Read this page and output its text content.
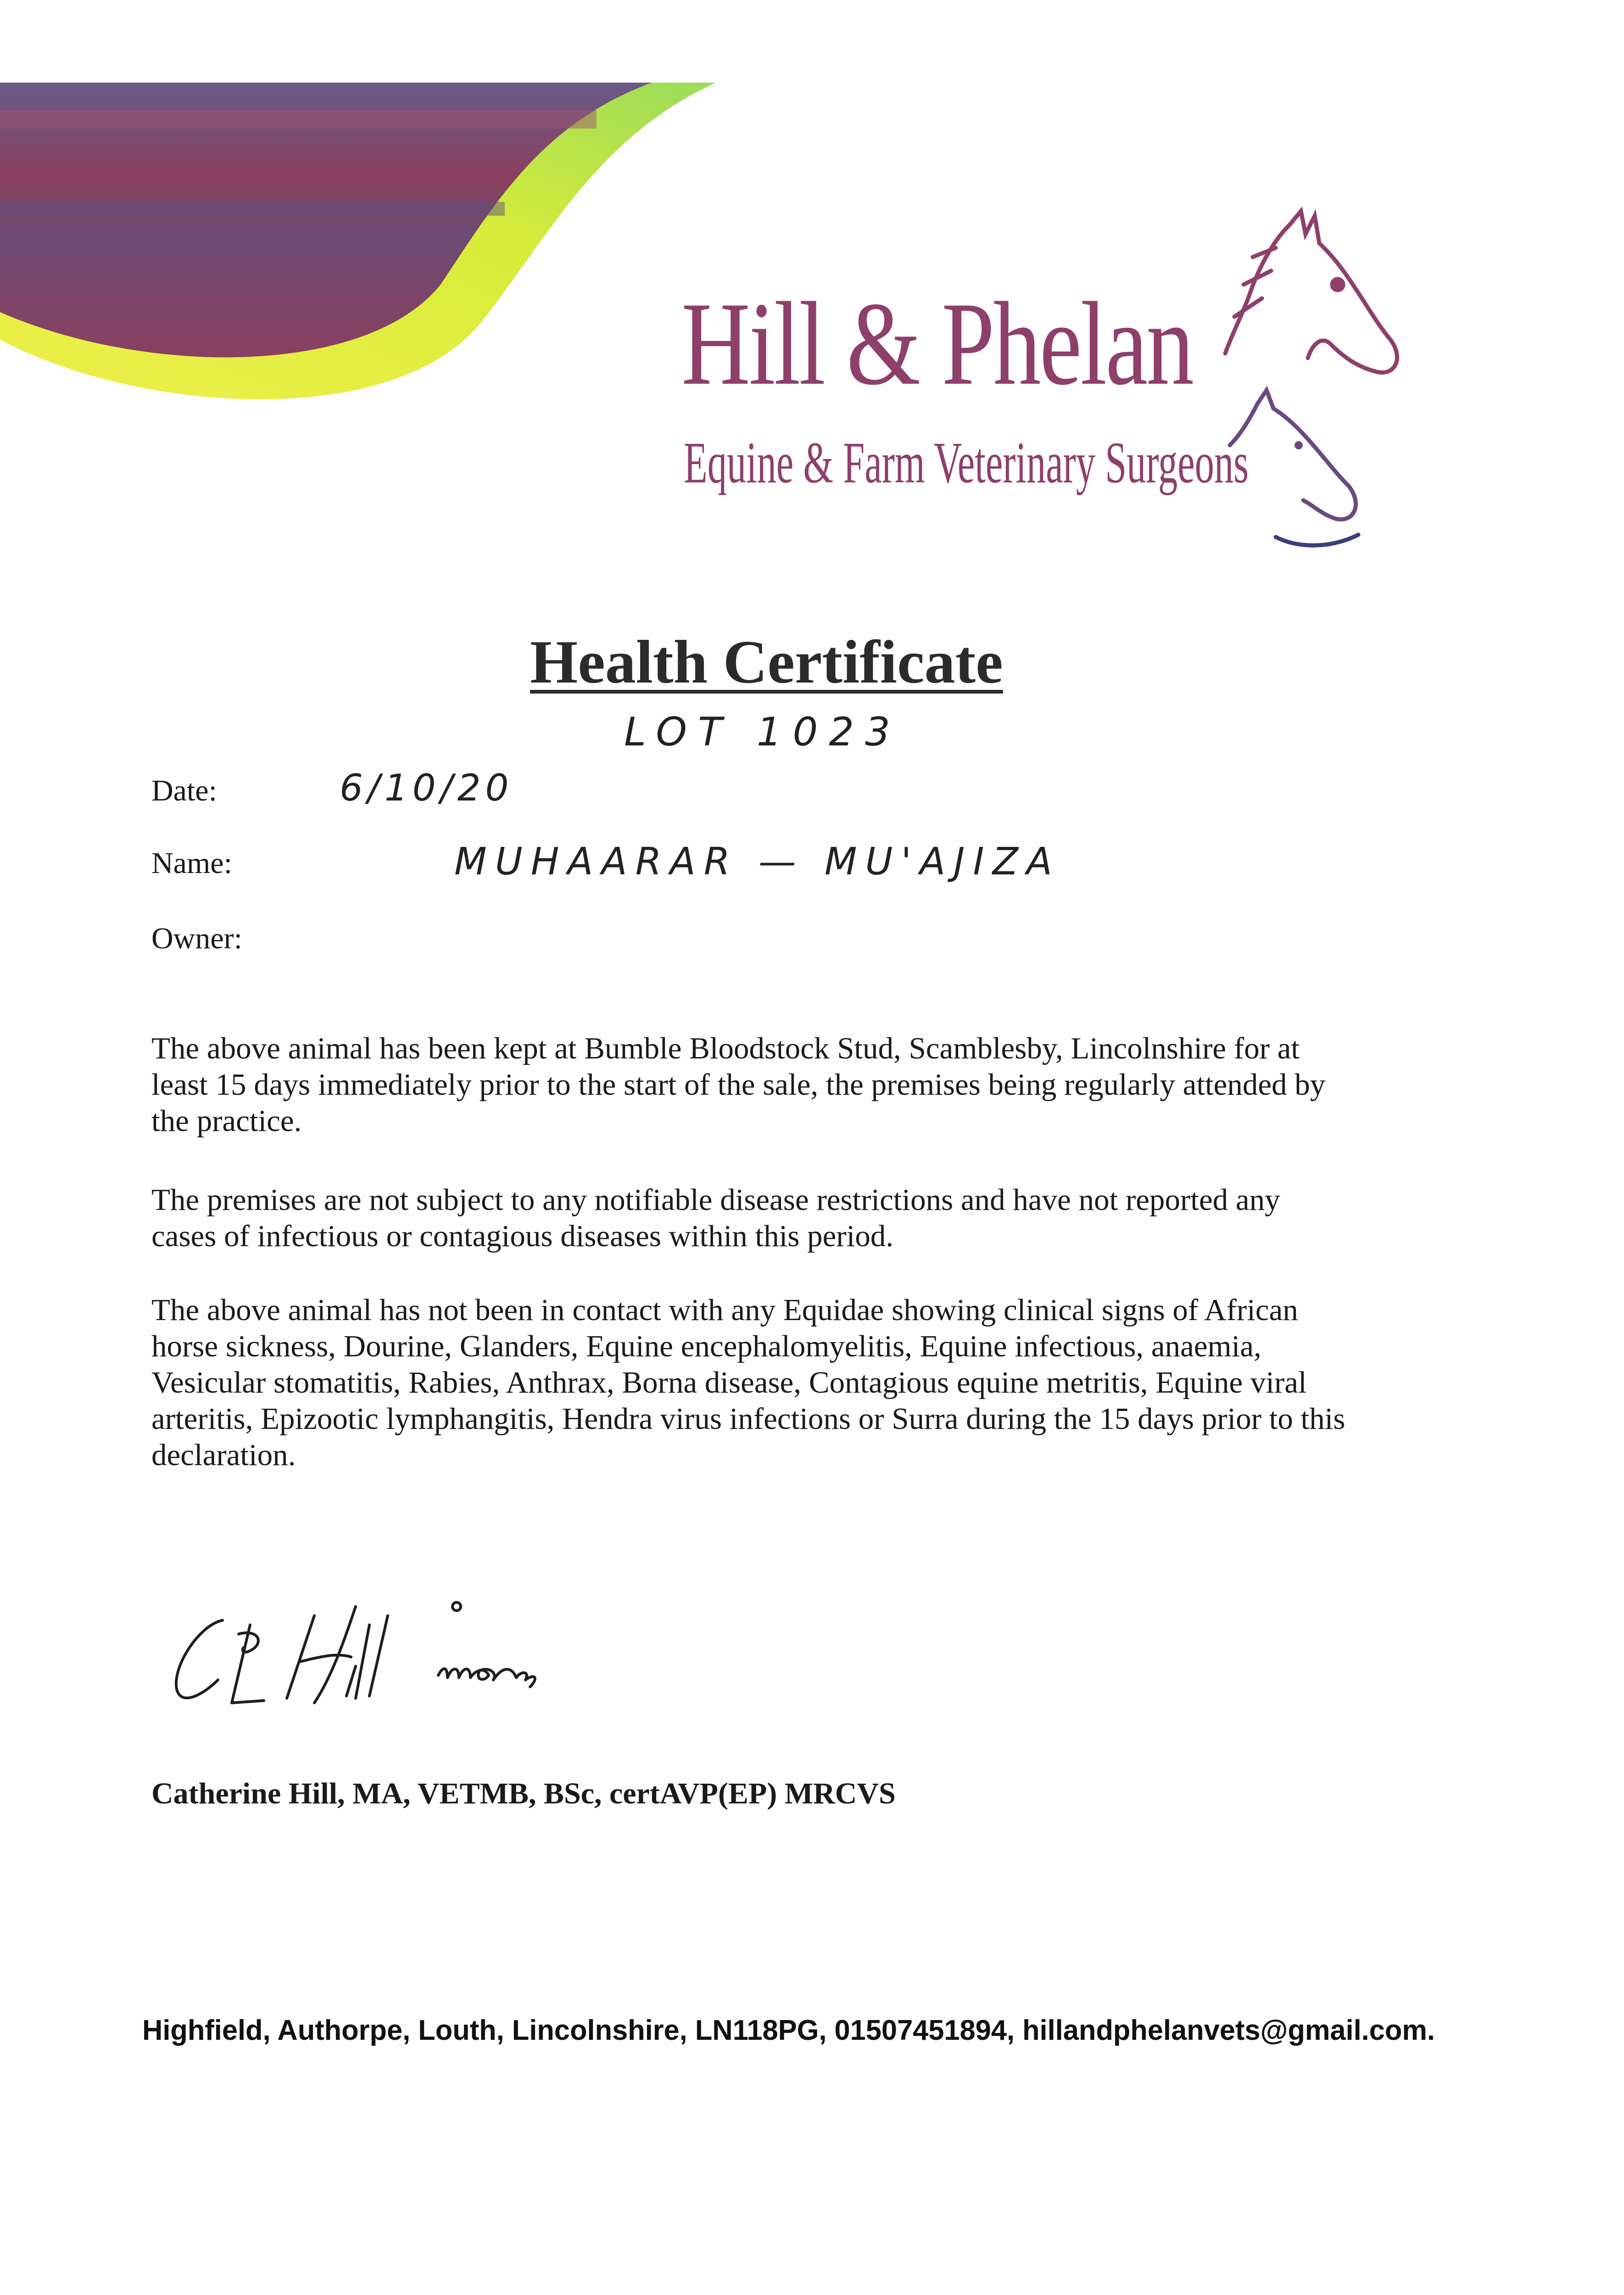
Hill & Phelan
Equine & Farm Veterinary Surgeons
Health Certificate
LOT 1023
Date:	6/10/20
Name:	MUHAARAR — MU'AJIZA
Owner:
The above animal has been kept at Bumble Bloodstock Stud, Scamblesby, Lincolnshire for at
least 15 days immediately prior to the start of the sale, the premises being regularly attended by
the practice.
The premises are not subject to any notifiable disease restrictions and have not reported any
cases of infectious or contagious diseases within this period.
The above animal has not been in contact with any Equidae showing clinical signs of African
horse sickness, Dourine, Glanders, Equine encephalomyelitis, Equine infectious, anaemia,
Vesicular stomatitis, Rabies, Anthrax, Borna disease, Contagious equine metritis, Equine viral
arteritis, Epizootic lymphangitis, Hendra virus infections or Surra during the 15 days prior to this
declaration.
Catherine Hill, MA, VETMB, BSc, certAVP(EP) MRCVS
Highfield, Authorpe, Louth, Lincolnshire, LN118PG, 01507451894, hillandphelanvets@gmail.com.
